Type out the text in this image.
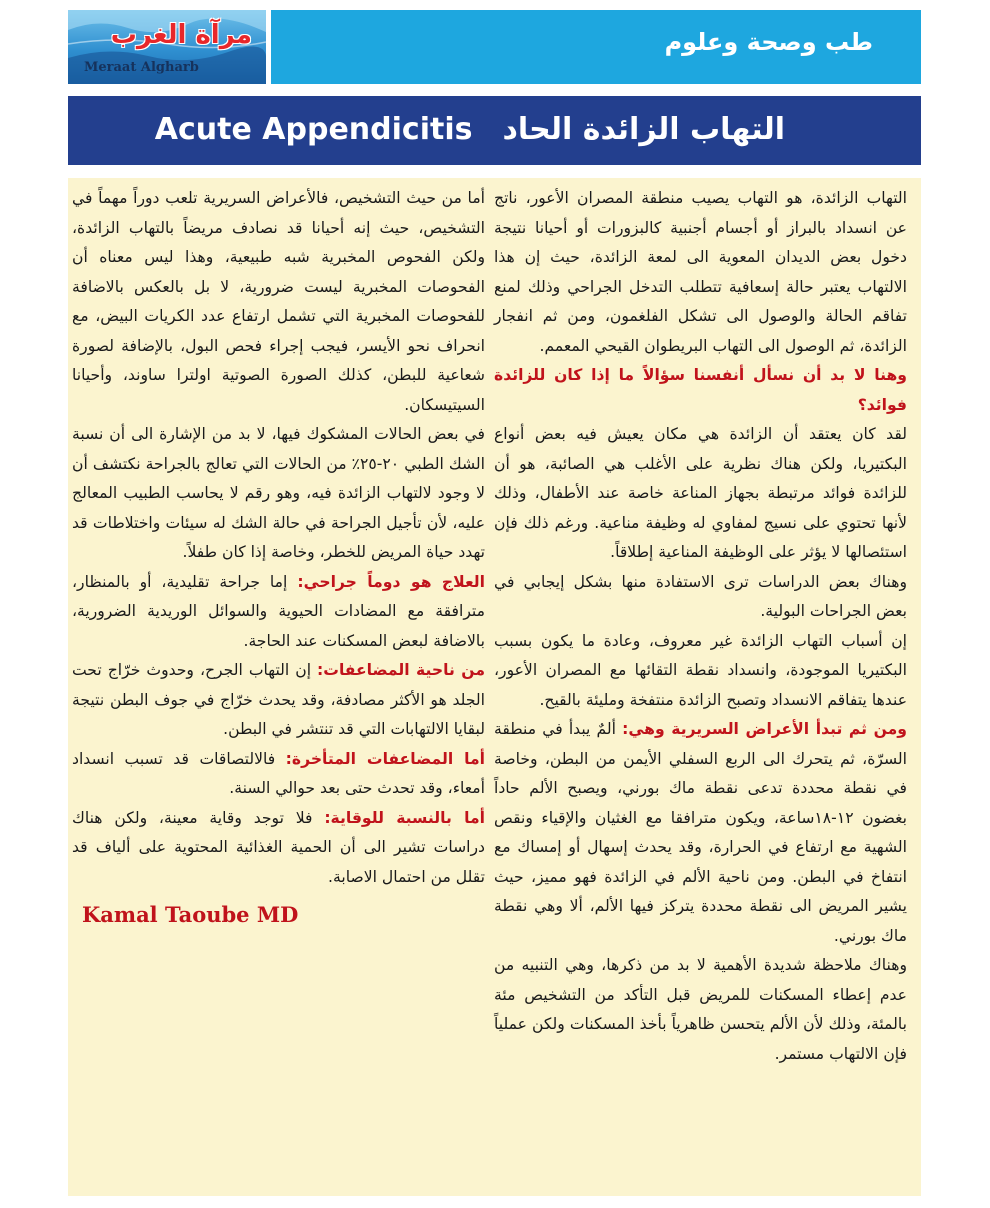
مرآة الغرب
Meraat Algharb
طب وصحة وعلوم
Acute Appendicitis  التهاب الزائدة الحاد

التهاب الزائدة، هو التهاب يصيب منطقة المصران الأعور، ناتج عن انسداد بالبراز أو أجسام أجنبية كالبزورات أو أحيانا نتيجة دخول بعض الديدان المعوية الى لمعة الزائدة، حيث إن هذا الالتهاب يعتبر حالة إسعافية تتطلب التدخل الجراحي وذلك لمنع تفاقم الحالة والوصول الى تشكل الفلغمون، ومن ثم انفجار الزائدة، ثم الوصول الى التهاب البريطوان القيحي المعمم.

وهنا لا بد أن نسأل أنفسنا سؤالاً ما إذا كان للزائدة فوائد؟

لقد كان يعتقد أن الزائدة هي مكان يعيش فيه بعض أنواع البكتيريا، ولكن هناك نظرية على الأغلب هي الصائبة، هو أن للزائدة فوائد مرتبطة بجهاز المناعة خاصة عند الأطفال، وذلك لأنها تحتوي على نسيج لمفاوي له وظيفة مناعية. ورغم ذلك فإن استئصالها لا يؤثر على الوظيفة المناعية إطلاقاً.

وهناك بعض الدراسات ترى الاستفادة منها بشكل إيجابي في بعض الجراحات البولية.

إن أسباب التهاب الزائدة غير معروف، وعادة ما يكون بسبب البكتيريا الموجودة، وانسداد نقطة التقائها مع المصران الأعور، عندها يتفاقم الانسداد وتصبح الزائدة منتفخة ومليئة بالقيح.

ومن ثم تبدأ الأعراض السريرية وهي: ألمٌ يبدأ في منطقة السرّة، ثم يتحرك الى الربع السفلي الأيمن من البطن، وخاصة في نقطة محددة تدعى نقطة ماك بورني، ويصبح الألم حاداً بغضون ١٢-١٨ساعة، ويكون مترافقا مع الغثيان والإقياء ونقص الشهية مع ارتفاع في الحرارة، وقد يحدث إسهال أو إمساك مع انتفاخ في البطن. ومن ناحية الألم في الزائدة فهو مميز، حيث يشير المريض الى نقطة محددة يتركز فيها الألم، ألا وهي نقطة ماك بورني.

وهناك ملاحظة شديدة الأهمية لا بد من ذكرها، وهي التنبيه من عدم إعطاء المسكنات للمريض قبل التأكد من التشخيص مئة بالمئة، وذلك لأن الألم يتحسن ظاهرياً بأخذ المسكنات ولكن عملياً فإن الالتهاب مستمر.

أما من حيث التشخيص، فالأعراض السريرية تلعب دوراً مهماً في التشخيص، حيث إنه أحيانا قد نصادف مريضاً بالتهاب الزائدة، ولكن الفحوص المخبرية شبه طبيعية، وهذا ليس معناه أن الفحوصات المخبرية ليست ضرورية، لا بل بالعكس بالاضافة للفحوصات المخبرية التي تشمل ارتفاع عدد الكريات البيض، مع انحراف نحو الأيسر، فيجب إجراء فحص البول، بالإضافة لصورة شعاعية للبطن، كذلك الصورة الصوتية اولترا ساوند، وأحيانا السيتيسكان.

في بعض الحالات المشكوك فيها، لا بد من الإشارة الى أن نسبة الشك الطبي ٢٠-٢٥٪ من الحالات التي تعالج بالجراحة نكتشف أن لا وجود لالتهاب الزائدة فيه، وهو رقم لا يحاسب الطبيب المعالج عليه، لأن تأجيل الجراحة في حالة الشك له سيئات واختلاطات قد تهدد حياة المريض للخطر، وخاصة إذا كان طفلاً.

العلاج هو دوماً جراحي: إما جراحة تقليدية، أو بالمنظار، مترافقة مع المضادات الحيوية والسوائل الوريدية الضرورية، بالاضافة لبعض المسكنات عند الحاجة.

من ناحية المضاعفات: إن التهاب الجرح، وحدوث خرّاج تحت الجلد هو الأكثر مصادفة، وقد يحدث خرّاج في جوف البطن نتيجة لبقايا الالتهابات التي قد تنتشر في البطن.

أما المضاعفات المتأخرة: فالالتصاقات قد تسبب انسداد أمعاء، وقد تحدث حتى بعد حوالي السنة.

أما بالنسبة للوقاية: فلا توجد وقاية معينة، ولكن هناك دراسات تشير الى أن الحمية الغذائية المحتوية على ألياف قد تقلل من احتمال الاصابة.

Kamal Taoube MD
